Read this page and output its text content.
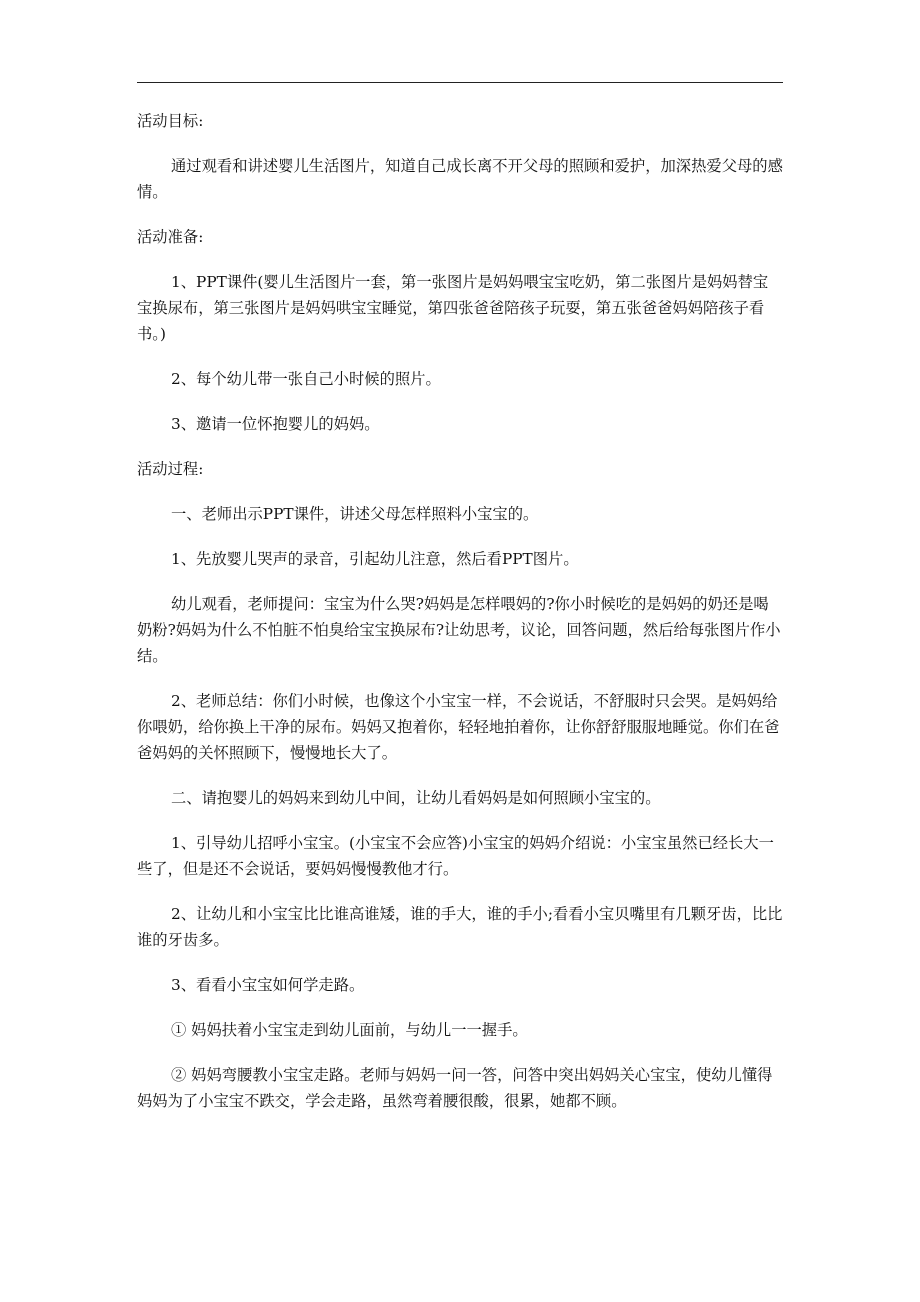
活动目标:

通过观看和讲述婴儿生活图片，知道自己成长离不开父母的照顾和爱护，加深热爱父母的感情。

活动准备:

1、PPT课件(婴儿生活图片一套，第一张图片是妈妈喂宝宝吃奶，第二张图片是妈妈替宝宝换尿布，第三张图片是妈妈哄宝宝睡觉，第四张爸爸陪孩子玩耍，第五张爸爸妈妈陪孩子看书。)

2、每个幼儿带一张自己小时候的照片。

3、邀请一位怀抱婴儿的妈妈。

活动过程:

一、老师出示PPT课件，讲述父母怎样照料小宝宝的。

1、先放婴儿哭声的录音，引起幼儿注意，然后看PPT图片。

幼儿观看，老师提问：宝宝为什么哭?妈妈是怎样喂妈的?你小时候吃的是妈妈的奶还是喝奶粉?妈妈为什么不怕脏不怕臭给宝宝换尿布?让幼思考，议论，回答问题，然后给每张图片作小结。

2、老师总结：你们小时候，也像这个小宝宝一样，不会说话，不舒服时只会哭。是妈妈给你喂奶，给你换上干净的尿布。妈妈又抱着你，轻轻地拍着你，让你舒舒服服地睡觉。你们在爸爸妈妈的关怀照顾下，慢慢地长大了。

二、请抱婴儿的妈妈来到幼儿中间，让幼儿看妈妈是如何照顾小宝宝的。

1、引导幼儿招呼小宝宝。(小宝宝不会应答)小宝宝的妈妈介绍说：小宝宝虽然已经长大一些了，但是还不会说话，要妈妈慢慢教他才行。

2、让幼儿和小宝宝比比谁高谁矮，谁的手大，谁的手小;看看小宝贝嘴里有几颗牙齿，比比谁的牙齿多。

3、看看小宝宝如何学走路。

① 妈妈扶着小宝宝走到幼儿面前，与幼儿一一握手。

② 妈妈弯腰教小宝宝走路。老师与妈妈一问一答，问答中突出妈妈关心宝宝，使幼儿懂得妈妈为了小宝宝不跌交，学会走路，虽然弯着腰很酸，很累，她都不顾。
